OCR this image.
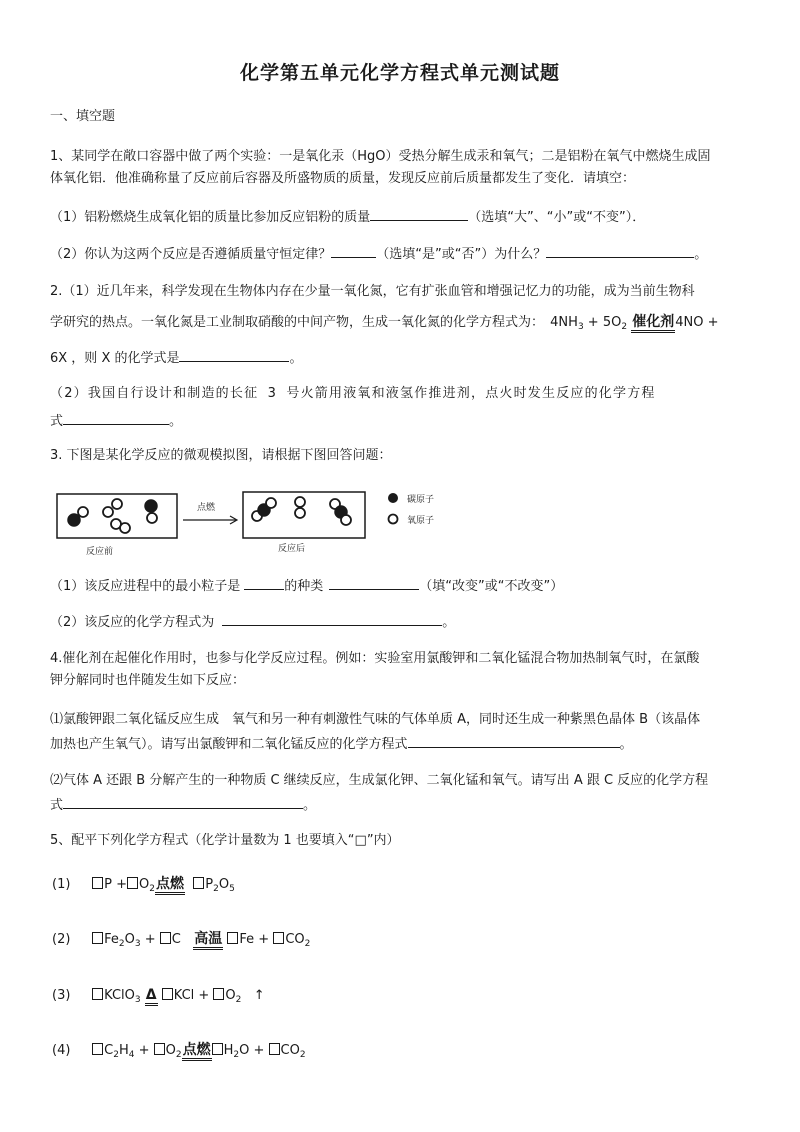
化学第五单元化学方程式单元测试题
一、填空题
1、某同学在敞口容器中做了两个实验：一是氧化汞（HgO）受热分解生成汞和氧气；二是铝粉在氧气中燃烧生成固
体氧化铝．他准确称量了反应前后容器及所盛物质的质量，发现反应前后质量都发生了变化．请填空：
（1）铝粉燃烧生成氧化铝的质量比参加反应铝粉的质量	（选填“大”、“小”或“不变”）．
（2）你认为这两个反应是否遵循质量守恒定律？	（选填“是”或“否”）为什么？	。
2.（1）近几年来，科学发现在生物体内存在少量一氧化氮，它有扩张血管和增强记忆力的功能，成为当前生物科
学研究的热点。一氧化氮是工业制取硝酸的中间产物，生成一氧化氮的化学方程式为： $4NH_3 + 5O_2$ 催化剂4NO +
6X ，则 X 的化学式是	。
（2）我国自行设计和制造的长征 3 号火箭用液氧和液氢作推进剂，点火时发生反应的化学方程
式	。
3. 下图是某化学反应的微观模拟图，请根据下图回答问题：
点燃
反应前	反应后
碳原子
氧原子
（1）该反应进程中的最小粒子是	的种类	（填“改变”或“不改变”）
（2）该反应的化学方程式为	。
4.催化剂在起催化作用时，也参与化学反应过程。例如：实验室用氯酸钾和二氧化锰混合物加热制氧气时，在氯酸
钾分解同时也伴随发生如下反应：
⑴氯酸钾跟二氧化锰反应生成　氧气和另一种有刺激性气味的气体单质 A，同时还生成一种紫黑色晶体 B（该晶体
加热也产生氧气）。请写出氯酸钾和二氧化锰反应的化学方程式	。
⑵气体 A 还跟 B 分解产生的一种物质 C 继续反应，生成氯化钾、二氧化锰和氧气。请写出 A 跟 C 反应的化学方程
式	。
5、配平下列化学方程式（化学计量数为 1 也要填入“□”内）
(1)	$P + O_2$点燃 $P_2O_5$
(2)	$Fe_2O_3 + C$ 高温 $Fe + CO_2$
(3)	KClO$_3$ Δ KCl + $O_2$ ↑
(4)	$C_2H_4 + O_2$点燃 $H_2O + CO_2$
